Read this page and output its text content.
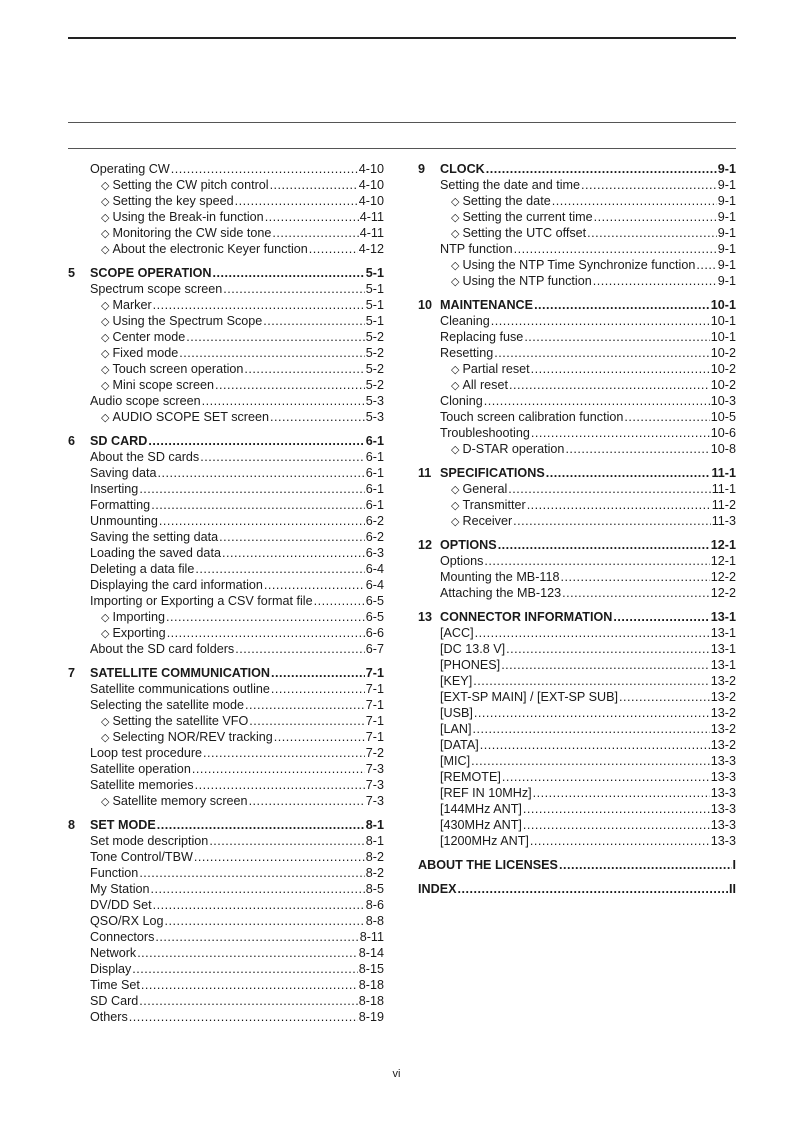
Operating CW .....	4-10
◇ Setting the CW pitch control .....	4-10
◇ Setting the key speed .....	4-10
◇ Using the Break-in function .....	4-11
◇ Monitoring the CW side tone .....	4-11
◇ About the electronic Keyer function .....	4-12
5 SCOPE OPERATION .....	5-1
Spectrum scope screen .....	5-1
◇ Marker .....	5-1
◇ Using the Spectrum Scope .....	5-1
◇ Center mode .....	5-2
◇ Fixed mode .....	5-2
◇ Touch screen operation .....	5-2
◇ Mini scope screen .....	5-2
Audio scope screen .....	5-3
◇ AUDIO SCOPE SET screen .....	5-3
6 SD CARD .....	6-1
About the SD cards .....	6-1
Saving data .....	6-1
Inserting .....	6-1
Formatting .....	6-1
Unmounting .....	6-2
Saving the setting data .....	6-2
Loading the saved data .....	6-3
Deleting a data file .....	6-4
Displaying the card information .....	6-4
Importing or Exporting a CSV format file .....	6-5
◇ Importing .....	6-5
◇ Exporting .....	6-6
About the SD card folders .....	6-7
7 SATELLITE COMMUNICATION .....	7-1
Satellite communications outline .....	7-1
Selecting the satellite mode .....	7-1
◇ Setting the satellite VFO .....	7-1
◇ Selecting NOR/REV tracking .....	7-1
Loop test procedure .....	7-2
Satellite operation .....	7-3
Satellite memories .....	7-3
◇ Satellite memory screen .....	7-3
8 SET MODE .....	8-1
Set mode description .....	8-1
Tone Control/TBW .....	8-2
Function .....	8-2
My Station .....	8-5
DV/DD Set .....	8-6
QSO/RX Log .....	8-8
Connectors .....	8-11
Network .....	8-14
Display .....	8-15
Time Set .....	8-18
SD Card .....	8-18
Others .....	8-19
9 CLOCK .....	9-1
Setting the date and time .....	9-1
◇ Setting the date .....	9-1
◇ Setting the current time .....	9-1
◇ Setting the UTC offset .....	9-1
NTP function .....	9-1
◇ Using the NTP Time Synchronize function ..... 9-1
◇ Using the NTP function .....	9-1
10 MAINTENANCE .....	10-1
Cleaning .....	10-1
Replacing fuse .....	10-1
Resetting .....	10-2
◇ Partial reset .....	10-2
◇ All reset .....	10-2
Cloning .....	10-3
Touch screen calibration function .....	10-5
Troubleshooting .....	10-6
◇ D-STAR operation .....	10-8
11 SPECIFICATIONS .....	11-1
◇ General .....	11-1
◇ Transmitter .....	11-2
◇ Receiver .....	11-3
12 OPTIONS .....	12-1
Options .....	12-1
Mounting the MB-118 .....	12-2
Attaching the MB-123 .....	12-2
13 CONNECTOR INFORMATION .....	13-1
[ACC] .....	13-1
[DC 13.8 V] .....	13-1
[PHONES] .....	13-1
[KEY] .....	13-2
[EXT-SP MAIN] / [EXT-SP SUB] .....	13-2
[USB] .....	13-2
[LAN] .....	13-2
[DATA] .....	13-2
[MIC] .....	13-3
[REMOTE] .....	13-3
[REF IN 10MHz] .....	13-3
[144MHz ANT] .....	13-3
[430MHz ANT] .....	13-3
[1200MHz ANT] .....	13-3
ABOUT THE LICENSES .....	I
INDEX .....	II
vi
